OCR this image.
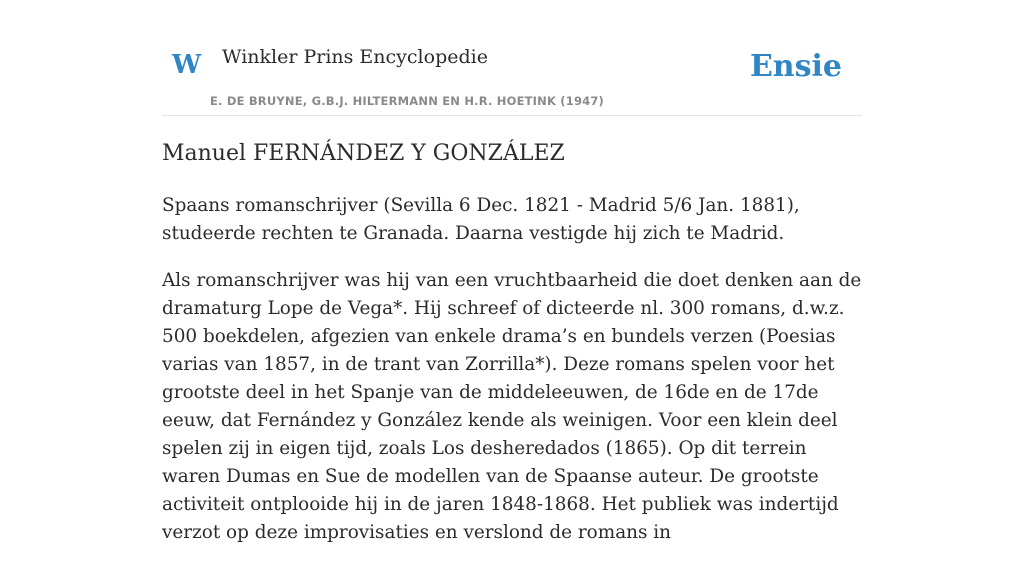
W Winkler Prins Encyclopedie
E. DE BRUYNE, G.B.J. HILTERMANN EN H.R. HOETINK (1947)
Ensie
Manuel FERNÁNDEZ Y GONZÁLEZ

Spaans romanschrijver (Sevilla 6 Dec. 1821 - Madrid 5/6 Jan. 1881), studeerde rechten te Granada. Daarna vestigde hij zich te Madrid.

Als romanschrijver was hij van een vruchtbaarheid die doet denken aan de dramaturg Lope de Vega*. Hij schreef of dicteerde nl. 300 romans, d.w.z. 500 boekdelen, afgezien van enkele drama’s en bundels verzen (Poesias varias van 1857, in de trant van Zorrilla*). Deze romans spelen voor het grootste deel in het Spanje van de middeleeuwen, de 16de en de 17de eeuw, dat Fernández y González kende als weinigen. Voor een klein deel spelen zij in eigen tijd, zoals Los desheredados (1865). Op dit terrein waren Dumas en Sue de modellen van de Spaanse auteur. De grootste activiteit ontplooide hij in de jaren 1848-1868. Het publiek was indertijd verzot op deze improvisaties en verslond de romans in
